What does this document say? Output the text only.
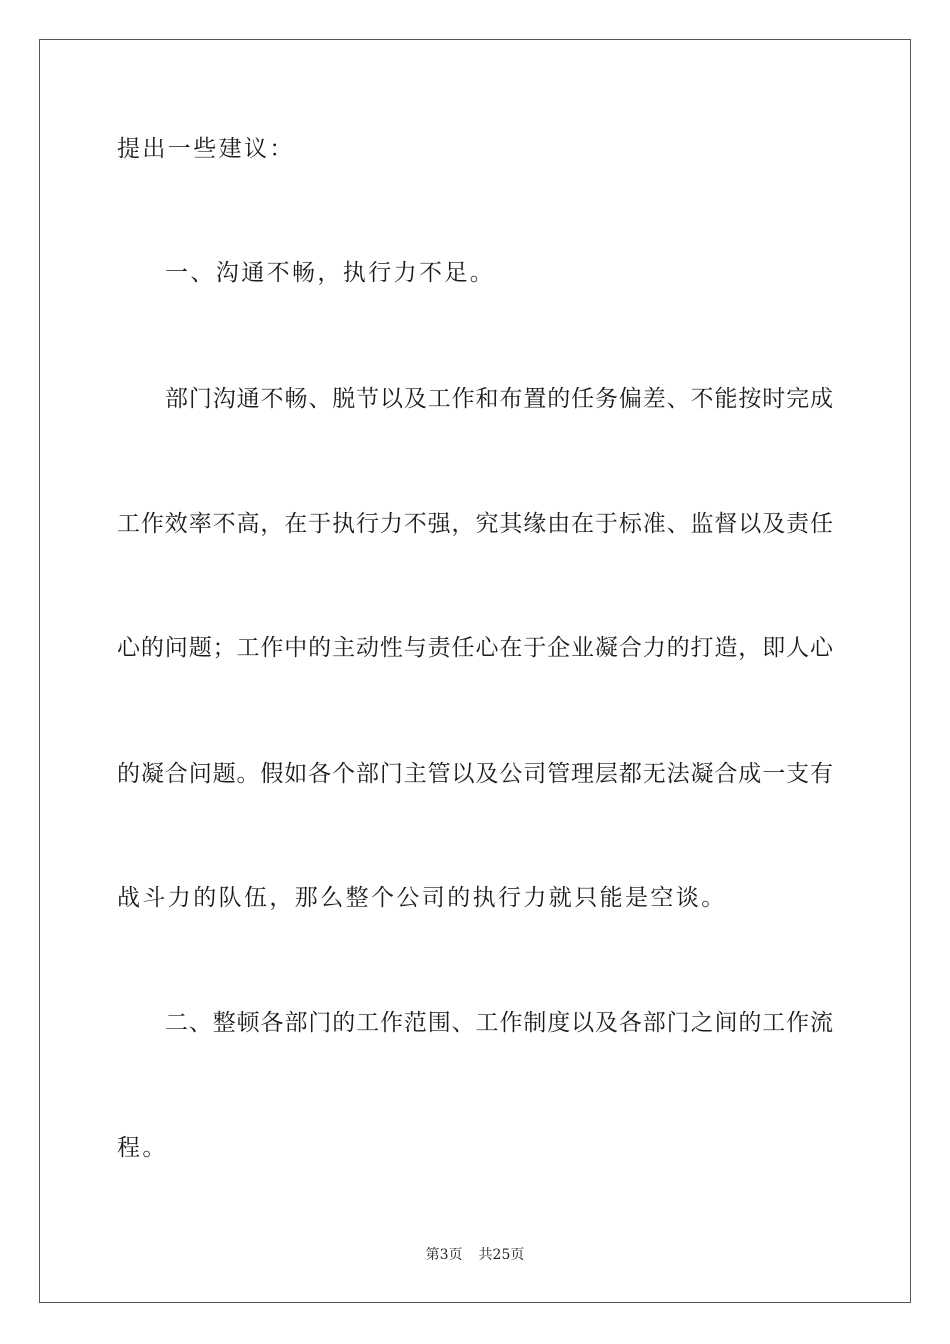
提出一些建议：
一、沟通不畅，执行力不足。
部门沟通不畅、脱节以及工作和布置的任务偏差、不能按时完成
工作效率不高，在于执行力不强，究其缘由在于标准、监督以及责任
心的问题；工作中的主动性与责任心在于企业凝合力的打造，即人心
的凝合问题。假如各个部门主管以及公司管理层都无法凝合成一支有
战斗力的队伍，那么整个公司的执行力就只能是空谈。
二、整顿各部门的工作范围、工作制度以及各部门之间的工作流
程。
第3页 共25页
